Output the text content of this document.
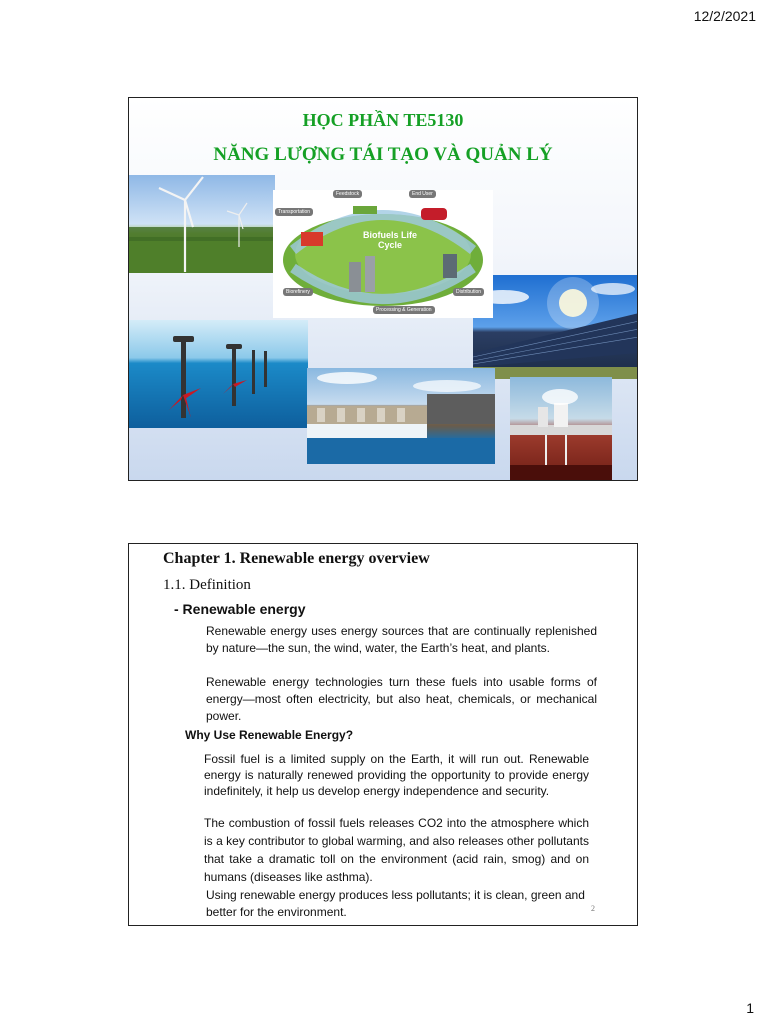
12/2/2021
HỌC PHẦN TE5130
NĂNG LƯỢNG TÁI TẠO VÀ QUẢN LÝ
Biofuels Life Cycle
Feedstock	End User
Transportation
Biorefinery	Distribution
Processing & Generation
Chapter 1. Renewable energy overview
1.1. Definition
- Renewable energy
Renewable energy uses energy sources that are continually replenished by nature—the sun, the wind, water, the Earth’s heat, and plants.
Renewable energy technologies turn these fuels into usable forms of energy—most often electricity, but also heat, chemicals, or mechanical power.
Why Use Renewable Energy?
Fossil fuel is a limited supply on the Earth, it will run out. Renewable energy is naturally renewed providing the opportunity to provide energy indefinitely, it help us develop energy independence and security.
The combustion of fossil fuels releases CO2 into the atmosphere which is a key contributor to global warming, and also releases other pollutants that take a dramatic toll on the environment (acid rain, smog) and on humans (diseases like asthma).
Using renewable energy produces less pollutants; it is clean, green and better for the environment.	2
1
